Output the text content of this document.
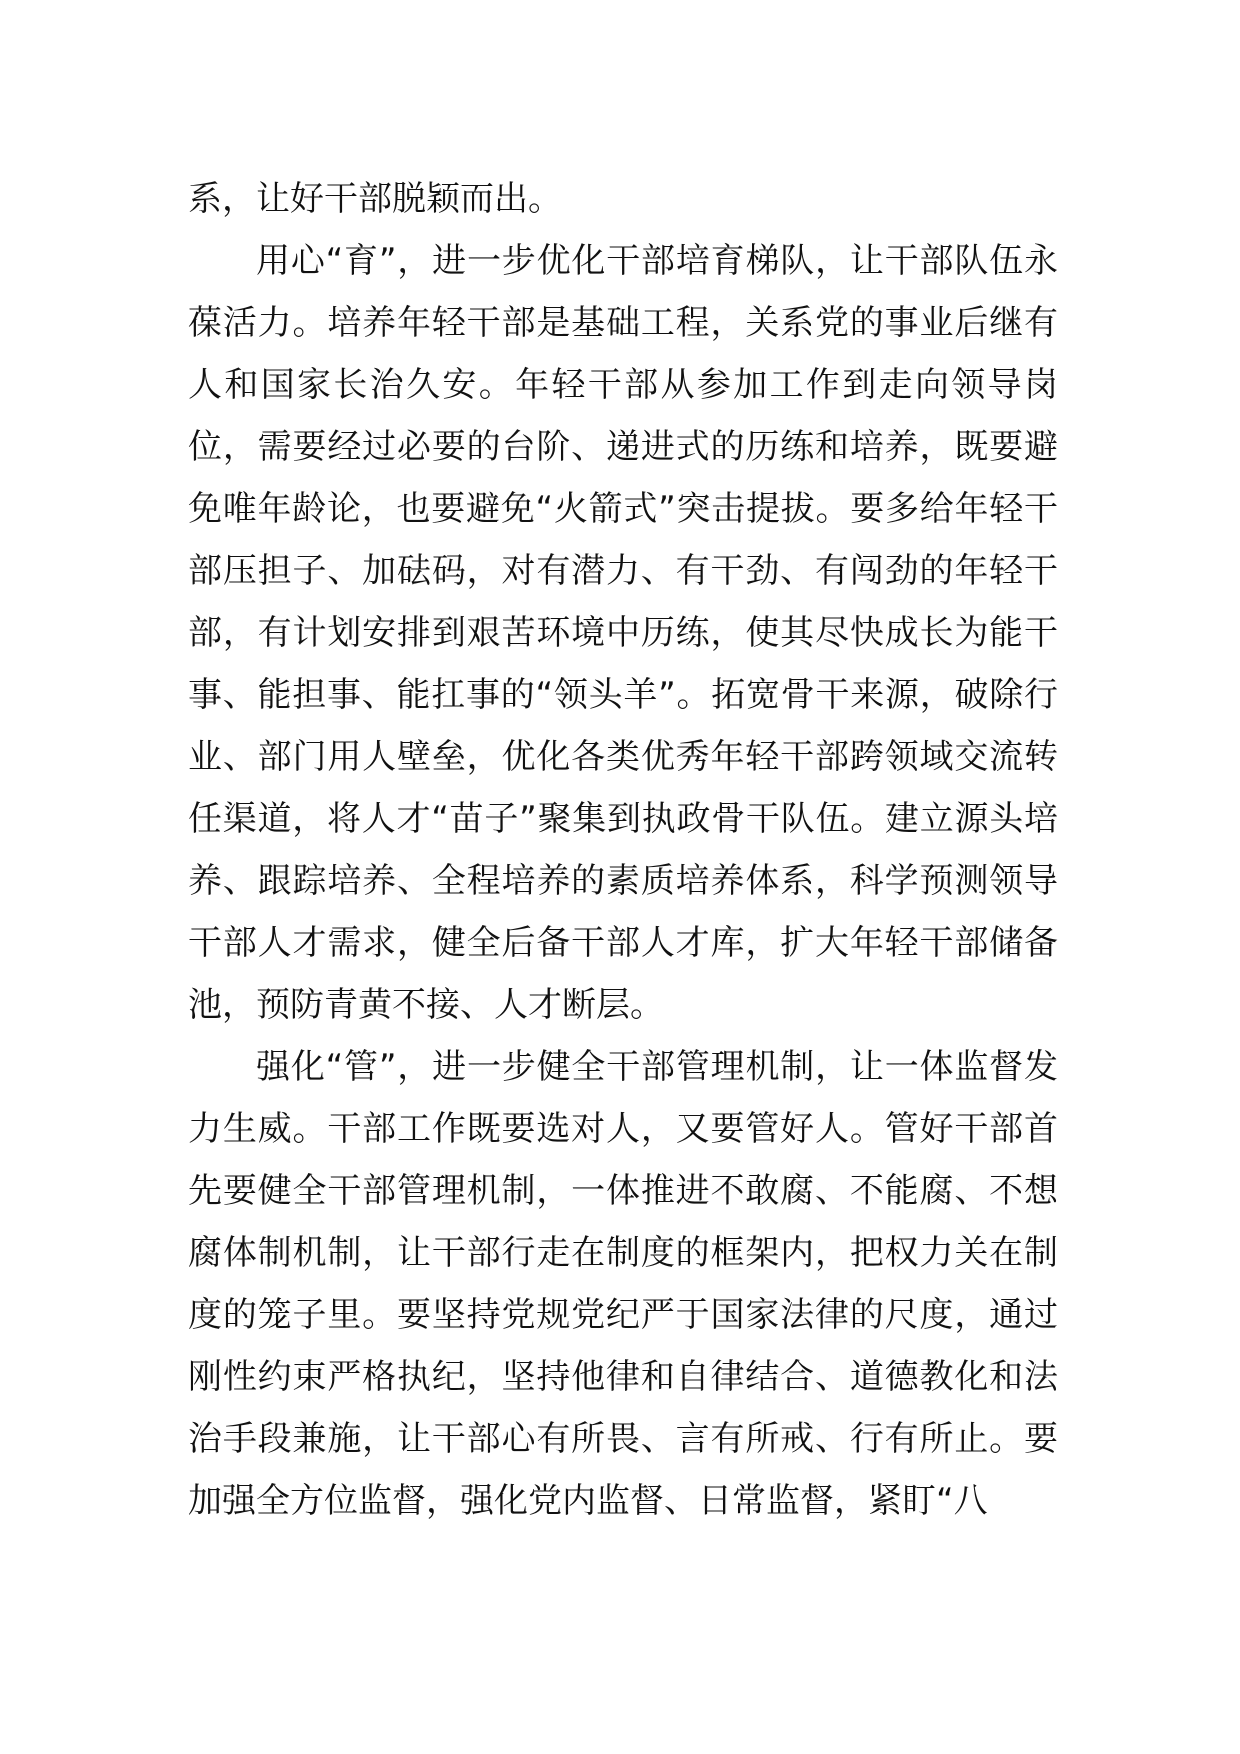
系，让好干部脱颖而出。

用心“育”，进一步优化干部培育梯队，让干部队伍永葆活力。培养年轻干部是基础工程，关系党的事业后继有人和国家长治久安。年轻干部从参加工作到走向领导岗位，需要经过必要的台阶、递进式的历练和培养，既要避免唯年龄论，也要避免“火箭式”突击提拔。要多给年轻干部压担子、加砝码，对有潜力、有干劲、有闯劲的年轻干部，有计划安排到艰苦环境中历练，使其尽快成长为能干事、能担事、能扛事的“领头羊”。拓宽骨干来源，破除行业、部门用人壁垒，优化各类优秀年轻干部跨领域交流转任渠道，将人才“苗子”聚集到执政骨干队伍。建立源头培养、跟踪培养、全程培养的素质培养体系，科学预测领导干部人才需求，健全后备干部人才库，扩大年轻干部储备池，预防青黄不接、人才断层。

强化“管”，进一步健全干部管理机制，让一体监督发力生威。干部工作既要选对人，又要管好人。管好干部首先要健全干部管理机制，一体推进不敢腐、不能腐、不想腐体制机制，让干部行走在制度的框架内，把权力关在制度的笼子里。要坚持党规党纪严于国家法律的尺度，通过刚性约束严格执纪，坚持他律和自律结合、道德教化和法治手段兼施，让干部心有所畏、言有所戒、行有所止。要加强全方位监督，强化党内监督、日常监督，紧盯“八
